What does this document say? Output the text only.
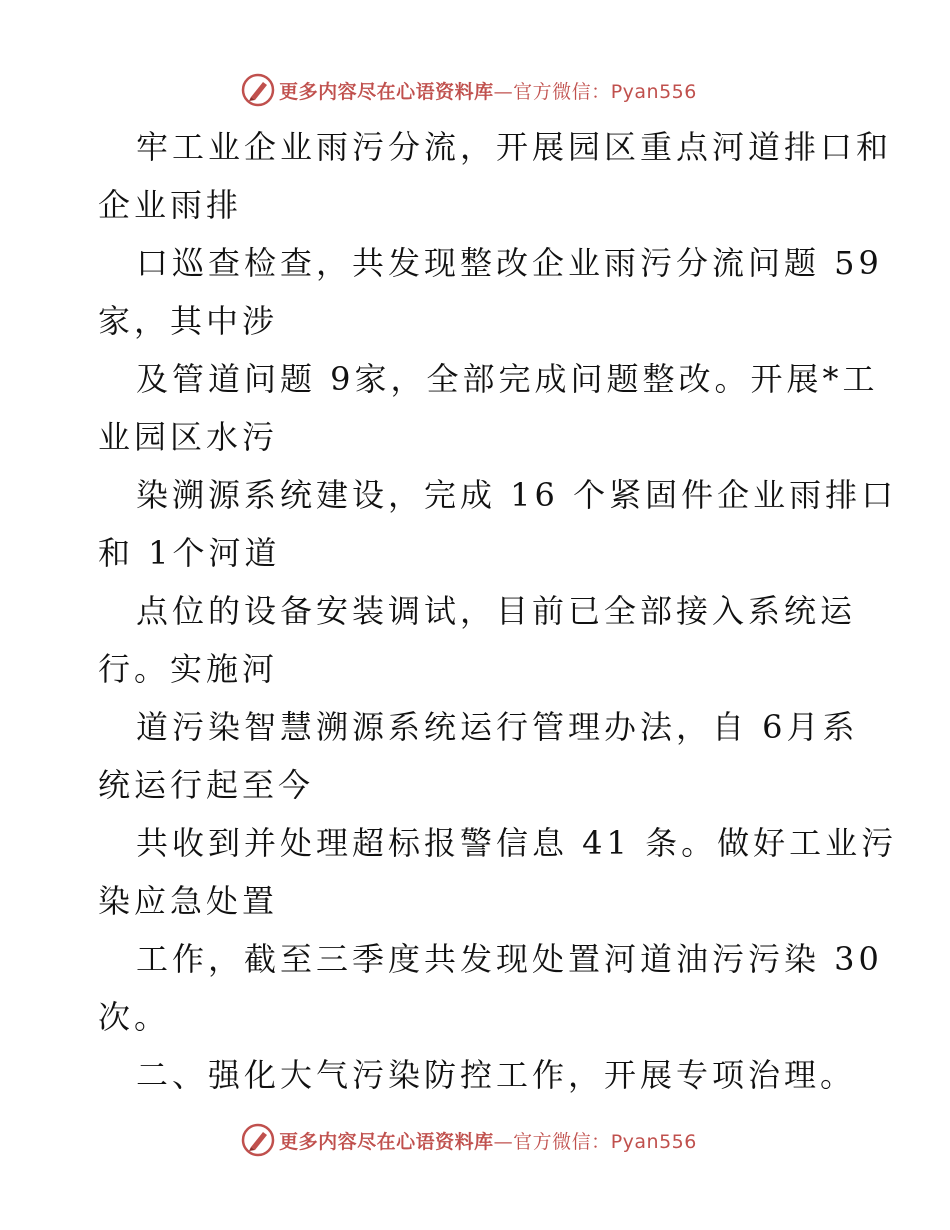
更多内容尽在心语资料库—官方微信：Pyan556

牢工业企业雨污分流，开展园区重点河道排口和

企业雨排

口巡查检查，共发现整改企业雨污分流问题 59

家，其中涉

及管道问题 9家，全部完成问题整改。开展*工

业园区水污

染溯源系统建设，完成 16 个紧固件企业雨排口

和 1个河道

点位的设备安装调试，目前已全部接入系统运

行。实施河

道污染智慧溯源系统运行管理办法，自 6月系

统运行起至今

共收到并处理超标报警信息 41 条。做好工业污

染应急处置

工作，截至三季度共发现处置河道油污污染 30

次。

二、强化大气污染防控工作，开展专项治理。

更多内容尽在心语资料库—官方微信：Pyan556
